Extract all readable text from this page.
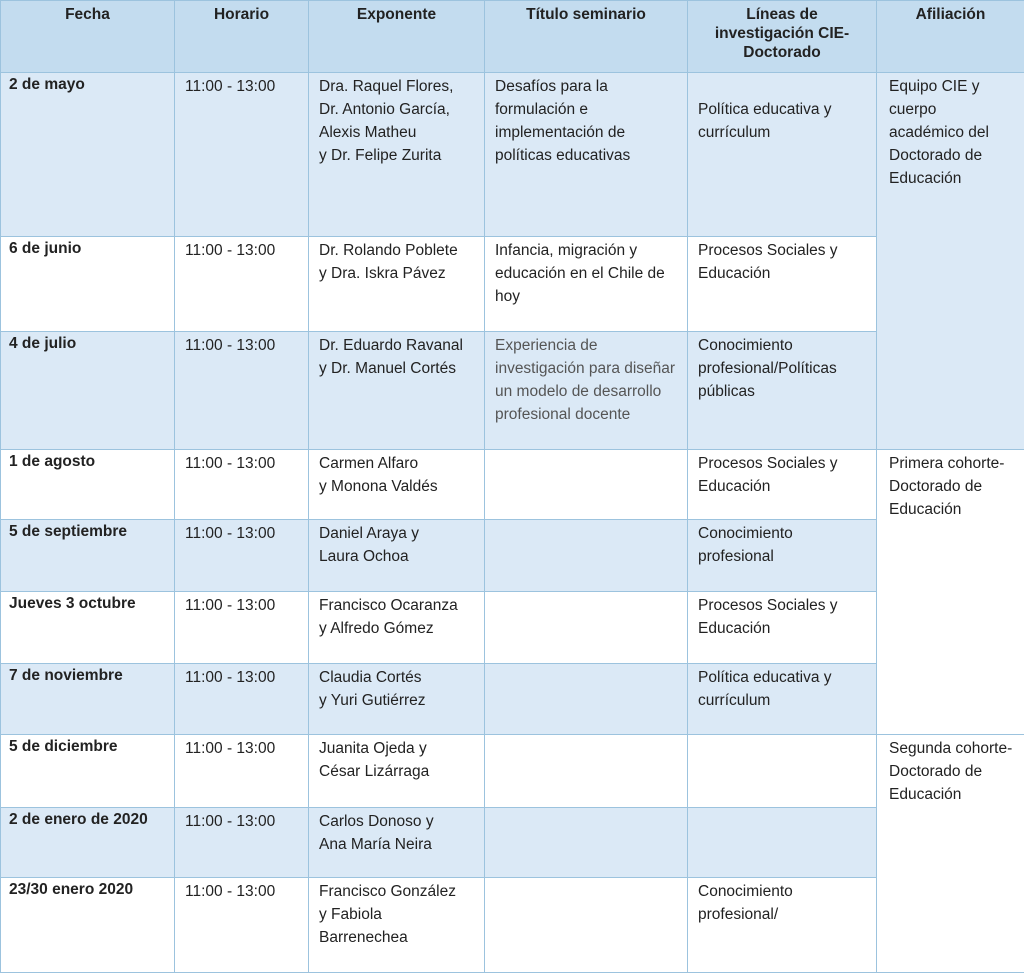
Fecha	Horario	Exponente	Título seminario	Líneas de investigación CIE-Doctorado	Afiliación
2 de mayo	11:00 - 13:00	Dra. Raquel Flores,
Dr. Antonio García,
Alexis Matheu
y Dr. Felipe Zurita	Desafíos para la formulación e implementación de políticas educativas	Política educativa y currículum	Equipo CIE y cuerpo académico del Doctorado de Educación
6 de junio	11:00 - 13:00	Dr. Rolando Poblete
y Dra. Iskra Pávez	Infancia, migración y educación en el Chile de hoy	Procesos Sociales y Educación	
4 de julio	11:00 - 13:00	Dr. Eduardo Ravanal y Dr. Manuel Cortés	Experiencia de investigación para diseñar un modelo de desarrollo profesional docente	Conocimiento profesional/Políticas públicas	
1 de agosto	11:00 - 13:00	Carmen Alfaro
y Monona Valdés		Procesos Sociales y Educación	Primera cohorte-Doctorado de Educación
5 de septiembre	11:00 - 13:00	Daniel Araya y
Laura Ochoa		Conocimiento profesional	
Jueves 3 octubre	11:00 - 13:00	Francisco Ocaranza
y Alfredo Gómez		Procesos Sociales y Educación	
7 de noviembre	11:00 - 13:00	Claudia Cortés
y Yuri Gutiérrez		Política educativa y currículum	
5 de diciembre	11:00 - 13:00	Juanita Ojeda y
César Lizárraga			Segunda cohorte-Doctorado de Educación
2 de enero de 2020	11:00 - 13:00	Carlos Donoso y
Ana María Neira			
23/30 enero 2020	11:00 - 13:00	Francisco González
y Fabiola
Barrenechea		Conocimiento profesional/	
